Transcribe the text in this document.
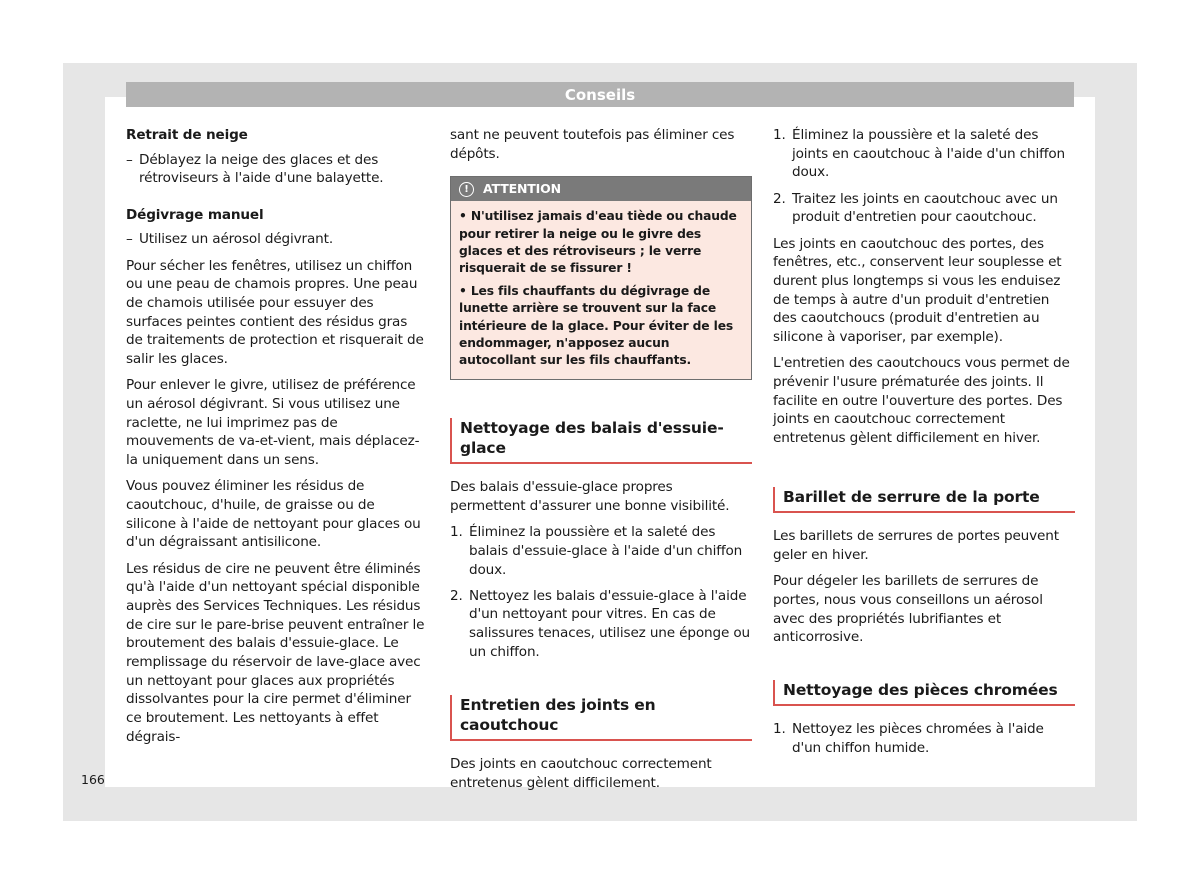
Conseils
Retrait de neige
– Déblayez la neige des glaces et des rétroviseurs à l'aide d'une balayette.
Dégivrage manuel
– Utilisez un aérosol dégivrant.

Pour sécher les fenêtres, utilisez un chiffon ou une peau de chamois propres. Une peau de chamois utilisée pour essuyer des surfaces peintes contient des résidus gras de traitements de protection et risquerait de salir les glaces.

Pour enlever le givre, utilisez de préférence un aérosol dégivrant. Si vous utilisez une raclette, ne lui imprimez pas de mouvements de va-et-vient, mais déplacez-la uniquement dans un sens.

Vous pouvez éliminer les résidus de caoutchouc, d'huile, de graisse ou de silicone à l'aide de nettoyant pour glaces ou d'un dégraissant antisilicone.

Les résidus de cire ne peuvent être éliminés qu'à l'aide d'un nettoyant spécial disponible auprès des Services Techniques. Les résidus de cire sur le pare-brise peuvent entraîner le broutement des balais d'essuie-glace. Le remplissage du réservoir de lave-glace avec un nettoyant pour glaces aux propriétés dissolvantes pour la cire permet d'éliminer ce broutement. Les nettoyants à effet dégrais-

sant ne peuvent toutefois pas éliminer ces dépôts.

!	ATTENTION

• N'utilisez jamais d'eau tiède ou chaude pour retirer la neige ou le givre des glaces et des rétroviseurs ; le verre risquerait de se fissurer !

• Les fils chauffants du dégivrage de lunette arrière se trouvent sur la face intérieure de la glace. Pour éviter de les endommager, n'apposez aucun autocollant sur les fils chauffants.

Nettoyage des balais d'essuie-glace

Des balais d'essuie-glace propres permettent d'assurer une bonne visibilité.

1. Éliminez la poussière et la saleté des balais d'essuie-glace à l'aide d'un chiffon doux.
2. Nettoyez les balais d'essuie-glace à l'aide d'un nettoyant pour vitres. En cas de salissures tenaces, utilisez une éponge ou un chiffon.
Entretien des joints en caoutchouc

Des joints en caoutchouc correctement entretenus gèlent difficilement.

1. Éliminez la poussière et la saleté des joints en caoutchouc à l'aide d'un chiffon doux.
2. Traitez les joints en caoutchouc avec un produit d'entretien pour caoutchouc.

Les joints en caoutchouc des portes, des fenêtres, etc., conservent leur souplesse et durent plus longtemps si vous les enduisez de temps à autre d'un produit d'entretien des caoutchoucs (produit d'entretien au silicone à vaporiser, par exemple).

L'entretien des caoutchoucs vous permet de prévenir l'usure prématurée des joints. Il facilite en outre l'ouverture des portes. Des joints en caoutchouc correctement entretenus gèlent difficilement en hiver.

Barillet de serrure de la porte

Les barillets de serrures de portes peuvent geler en hiver.

Pour dégeler les barillets de serrures de portes, nous vous conseillons un aérosol avec des propriétés lubrifiantes et anticorrosive.

Nettoyage des pièces chromées
1. Nettoyez les pièces chromées à l'aide d'un chiffon humide.
166
